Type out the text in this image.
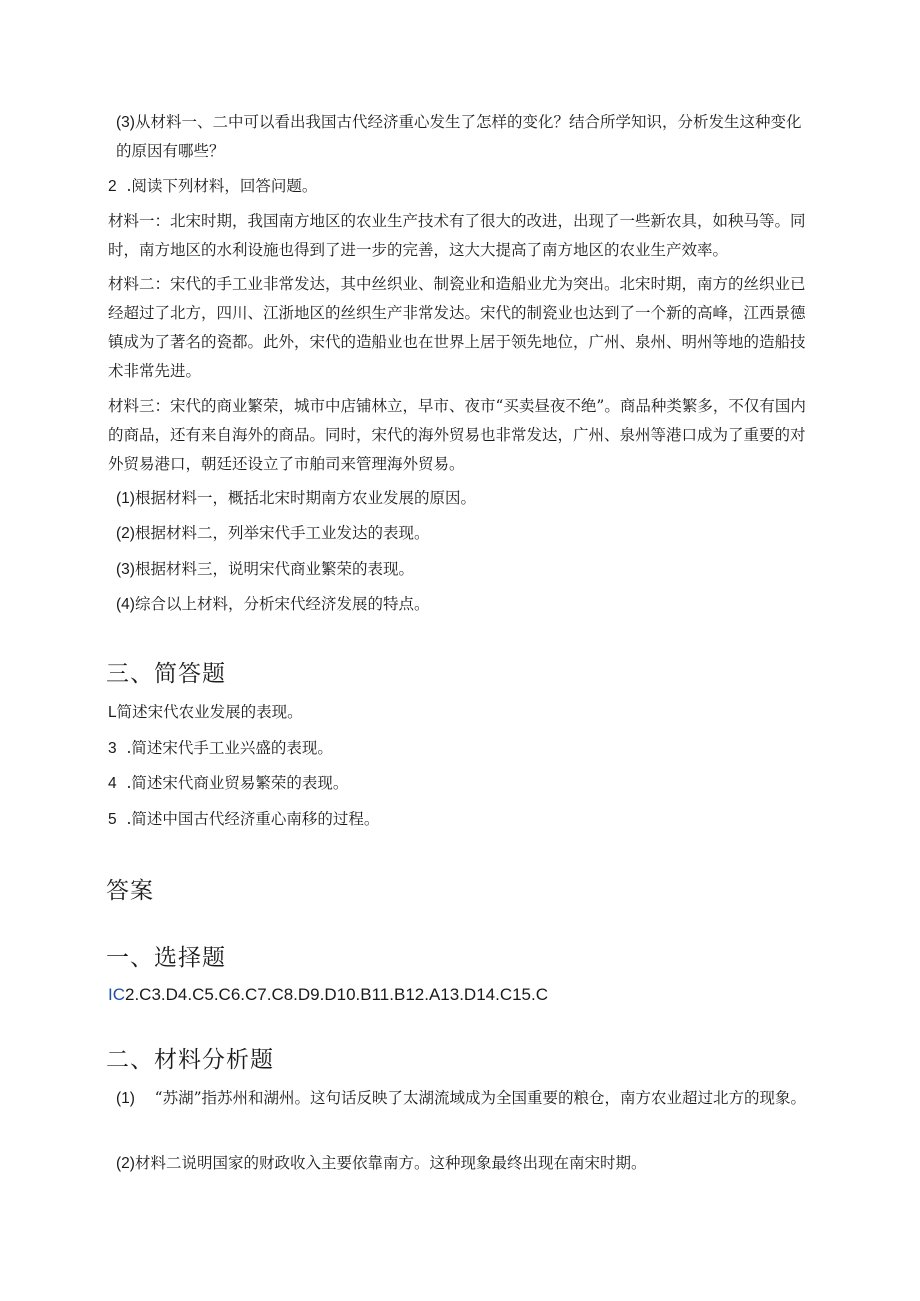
(3)从材料一、二中可以看出我国古代经济重心发生了怎样的变化？结合所学知识，分析发生这种变化的原因有哪些？

2 .阅读下列材料，回答问题。

材料一：北宋时期，我国南方地区的农业生产技术有了很大的改进，出现了一些新农具，如秧马等。同时，南方地区的水利设施也得到了进一步的完善，这大大提高了南方地区的农业生产效率。

材料二：宋代的手工业非常发达，其中丝织业、制瓷业和造船业尤为突出。北宋时期，南方的丝织业已经超过了北方，四川、江浙地区的丝织生产非常发达。宋代的制瓷业也达到了一个新的高峰，江西景德镇成为了著名的瓷都。此外，宋代的造船业也在世界上居于领先地位，广州、泉州、明州等地的造船技术非常先进。

材料三：宋代的商业繁荣，城市中店铺林立，早市、夜市“买卖昼夜不绝”。商品种类繁多，不仅有国内的商品，还有来自海外的商品。同时，宋代的海外贸易也非常发达，广州、泉州等港口成为了重要的对外贸易港口，朝廷还设立了市舶司来管理海外贸易。

(1)根据材料一，概括北宋时期南方农业发展的原因。

(2)根据材料二，列举宋代手工业发达的表现。

(3)根据材料三，说明宋代商业繁荣的表现。

(4)综合以上材料，分析宋代经济发展的特点。

三、简答题

L简述宋代农业发展的表现。

3 .简述宋代手工业兴盛的表现。

4 .简述宋代商业贸易繁荣的表现。

5 .简述中国古代经济重心南移的过程。

答案
一、选择题

IC2.C3.D4.C5.C6.C7.C8.D9.D10.B11.B12.A13.D14.C15.C

二、材料分析题

(1) “苏湖”指苏州和湖州。这句话反映了太湖流域成为全国重要的粮仓，南方农业超过北方的现象。

(2)材料二说明国家的财政收入主要依靠南方。这种现象最终出现在南宋时期。
